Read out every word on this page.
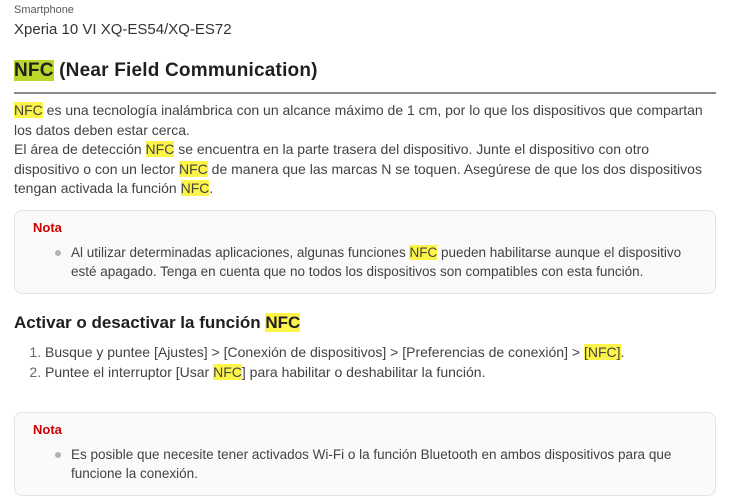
Smartphone
Xperia 10 VI XQ-ES54/XQ-ES72
NFC (Near Field Communication)

NFC es una tecnología inalámbrica con un alcance máximo de 1 cm, por lo que los dispositivos que compartan los datos deben estar cerca.

El área de detección NFC se encuentra en la parte trasera del dispositivo. Junte el dispositivo con otro dispositivo o con un lector NFC de manera que las marcas N se toquen. Asegúrese de que los dos dispositivos tengan activada la función NFC.

Nota
Al utilizar determinadas aplicaciones, algunas funciones NFC pueden habilitarse aunque el dispositivo esté apagado. Tenga en cuenta que no todos los dispositivos son compatibles con esta función.
Activar o desactivar la función NFC
1. Busque y puntee [Ajustes] > [Conexión de dispositivos] > [Preferencias de conexión] > [NFC].
2. Puntee el interruptor [Usar NFC] para habilitar o deshabilitar la función.
Nota
Es posible que necesite tener activados Wi-Fi o la función Bluetooth en ambos dispositivos para que funcione la conexión.
